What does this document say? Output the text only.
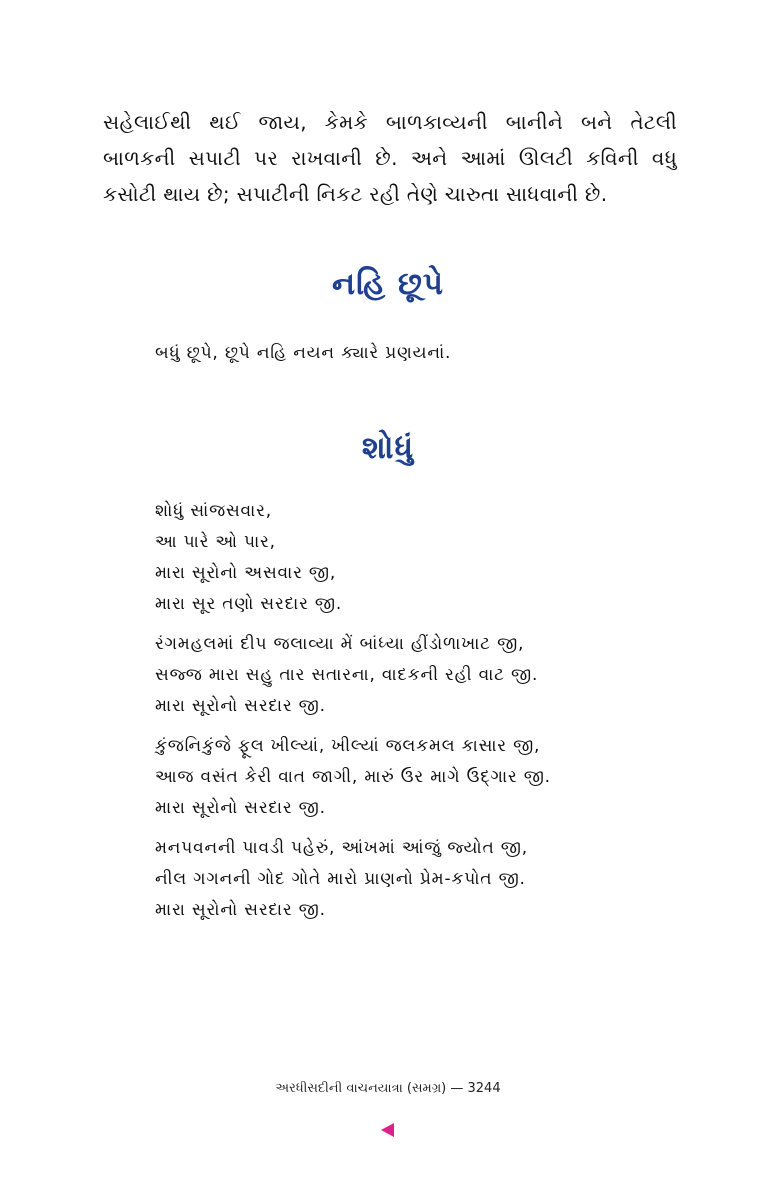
સહેલાઈથી થઈ જાય, કેમકે બાળકાવ્યની બાનીને બને તેટલી બાળકની સપાટી પર રાખવાની છે. અને આમાં ઊલટી કવિની વધુ કસોટી થાય છે; સપાટીની નિકટ રહી તેણે ચારુતા સાધવાની છે.

નહિ છૂપે
બધું છૂપે, છૂપે નહિ નયન ક્યારે પ્રણયનાં.
શોધું
શોધું સાંજસવાર,
આ પારે ઓ પાર,
મારા સૂરોનો અસવાર જી,
મારા સૂર તણો સરદાર જી.
રંગમહલમાં દીપ જલાવ્યા મેં બાંધ્યા હીંડોળાખાટ જી,
સજ્જ મારા સહુ તાર સતારના, વાદકની રહી વાટ જી.
મારા સૂરોનો સરદાર જી.
કુંજનિકુંજે ફૂલ ખીલ્યાં, ખીલ્યાં જલકમલ કાસાર જી,
આજ વસંત કેરી વાત જાગી, મારું ઉર માગે ઉદ્ગાર જી.
મારા સૂરોનો સરદાર જી.
મનપવનની પાવડી પહેરું, આંખમાં આંજું જ્યોત જી,
નીલ ગગનની ગોદ ગોતે મારો પ્રાણનો પ્રેમ-કપોત જી.
મારા સૂરોનો સરદાર જી.
અરધીસદીની વાચનયાત્રા (સમગ્ર) — 3244
